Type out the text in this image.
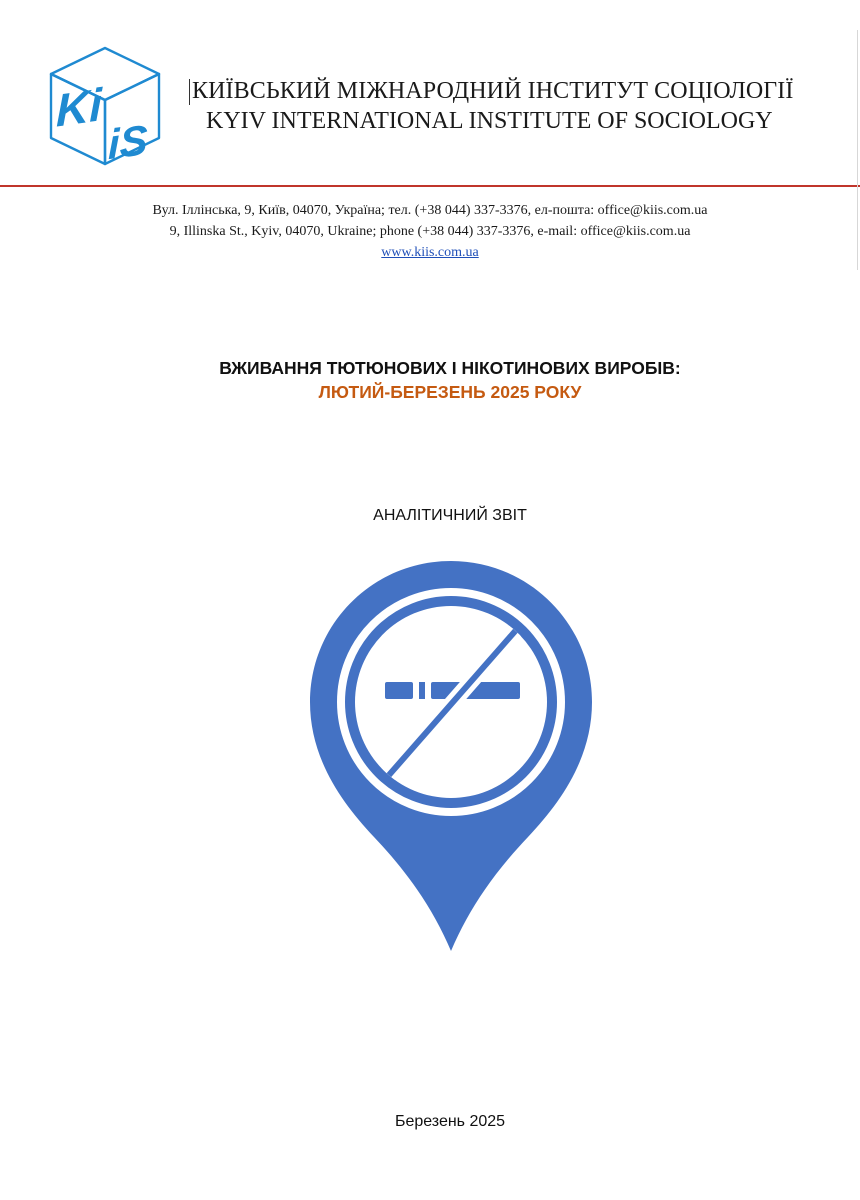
Ki
iS
КИЇВСЬКИЙ МІЖНАРОДНИЙ ІНСТИТУТ СОЦІОЛОГІЇ
KYIV INTERNATIONAL INSTITUTE OF SOCIOLOGY
Вул. Іллінська, 9, Київ, 04070, Україна; тел. (+38 044) 337-3376, ел-пошта: office@kiis.com.ua
9, Illinska St., Kyiv, 04070, Ukraine; phone (+38 044) 337-3376, e-mail: office@kiis.com.ua
www.kiis.com.ua
ВЖИВАННЯ ТЮТЮНОВИХ І НІКОТИНОВИХ ВИРОБІВ:
ЛЮТИЙ-БЕРЕЗЕНЬ 2025 РОКУ
АНАЛІТИЧНИЙ ЗВІТ
Березень 2025
